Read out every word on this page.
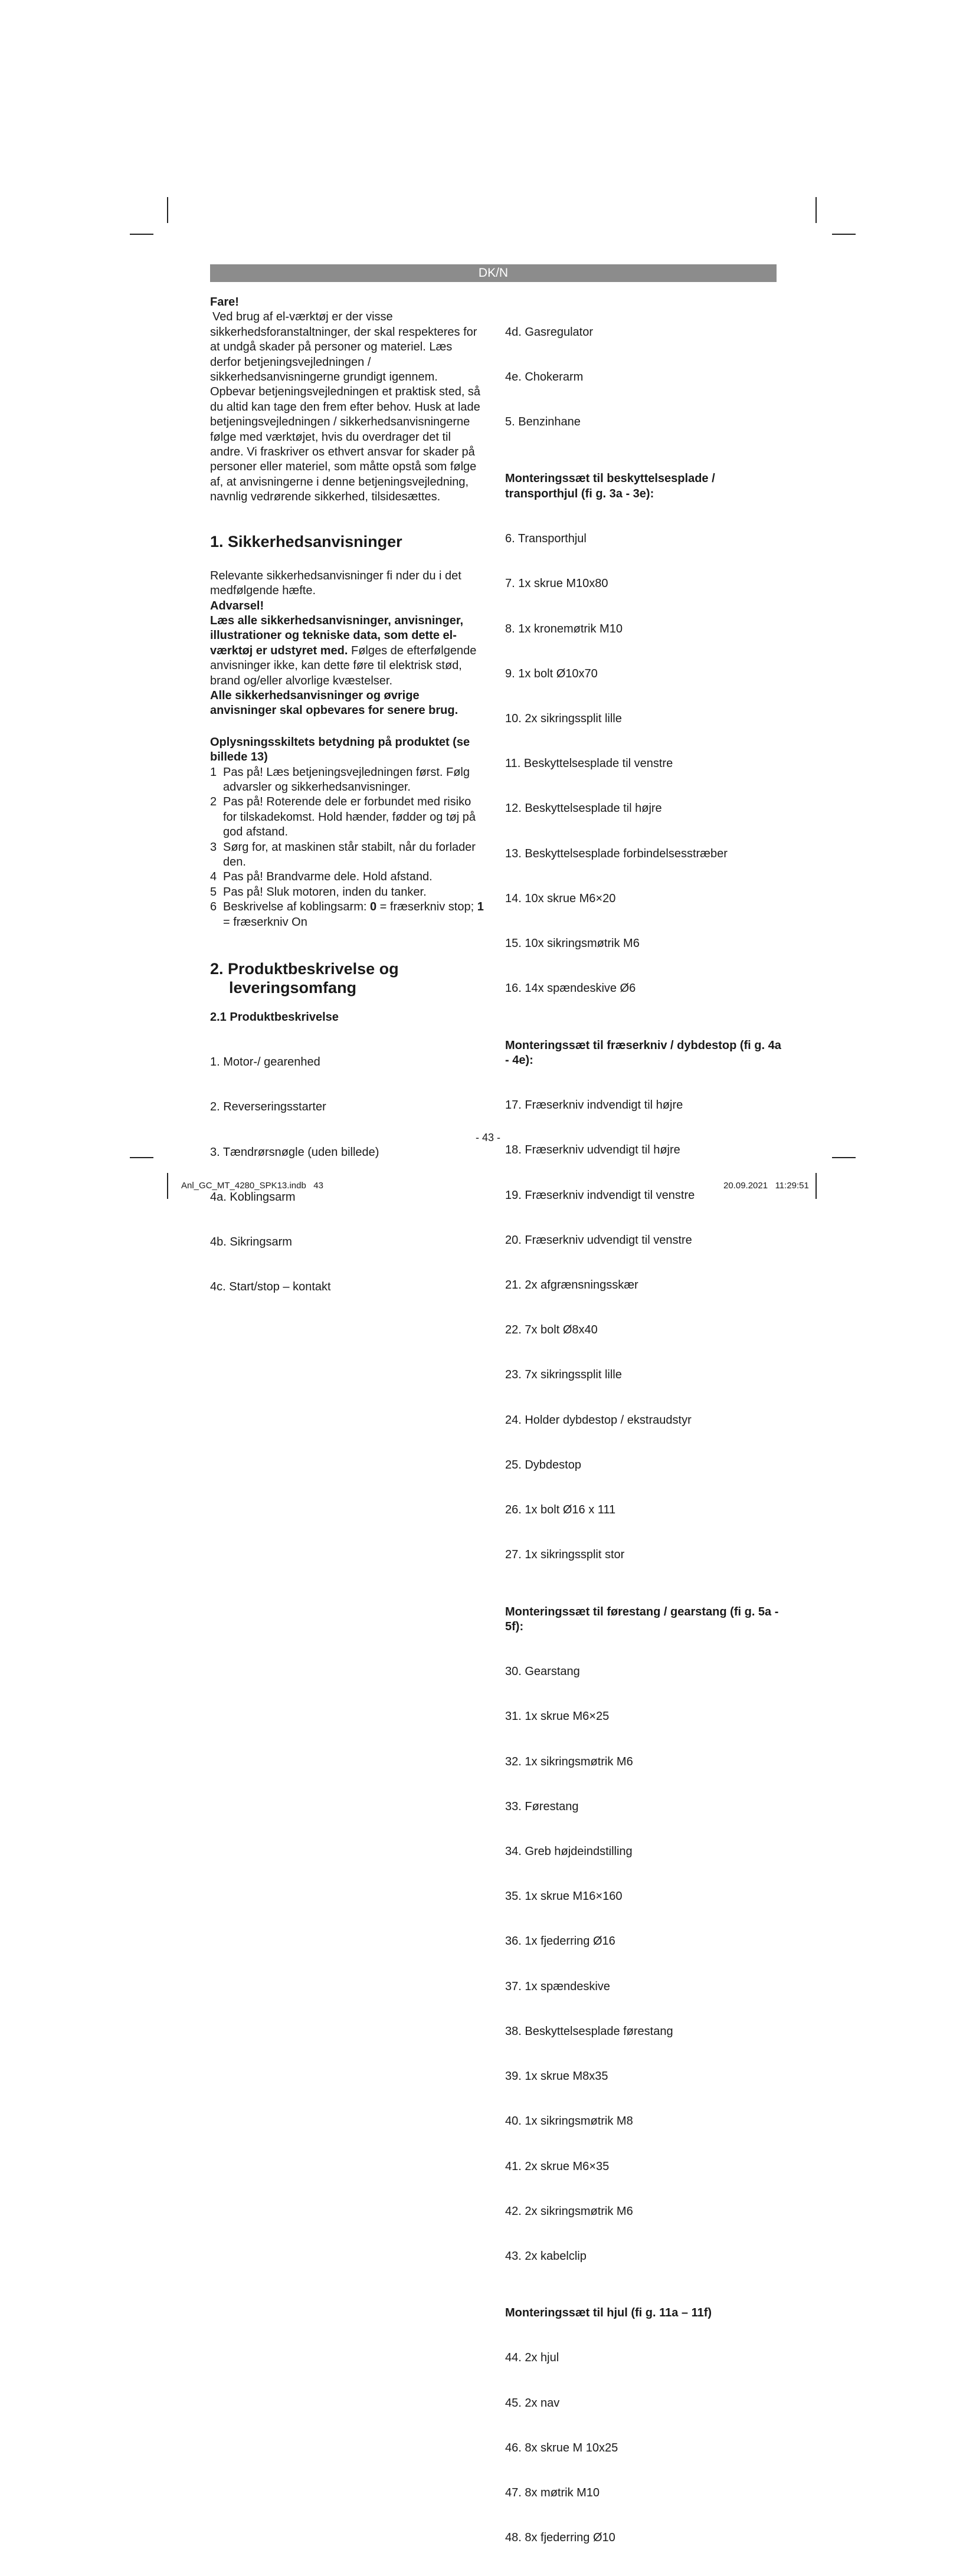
DK/N
Fare!

Ved brug af el-værktøj er der visse sikkerhedsforanstaltninger, der skal respekteres for at undgå skader på personer og materiel. Læs derfor betjeningsvejledningen / sikkerhedsanvisningerne grundigt igennem. Opbevar betjeningsvejledningen et praktisk sted, så du altid kan tage den frem efter behov. Husk at lade betjeningsvejledningen / sikkerhedsanvisningerne følge med værktøjet, hvis du overdrager det til andre. Vi fraskriver os ethvert ansvar for skader på personer eller materiel, som måtte opstå som følge af, at anvisningerne i denne betjeningsvejledning, navnlig vedrørende sikkerhed, tilsidesættes.

1. Sikkerhedsanvisninger

Relevante sikkerhedsanvisninger fi nder du i det medfølgende hæfte.

Advarsel!

Læs alle sikkerhedsanvisninger, anvisninger, illustrationer og tekniske data, som dette el-værktøj er udstyret med. Følges de efterfølgende anvisninger ikke, kan dette føre til elektrisk stød, brand og/eller alvorlige kvæstelser.

Alle sikkerhedsanvisninger og øvrige anvisninger skal opbevares for senere brug.

Oplysningsskiltets betydning på produktet (se billede 13)
1 Pas på! Læs betjeningsvejledningen først. Følg advarsler og sikkerhedsanvisninger.
2 Pas på! Roterende dele er forbundet med risiko for tilskadekomst. Hold hænder, fødder og tøj på god afstand.
3 Sørg for, at maskinen står stabilt, når du forlader den.
4 Pas på! Brandvarme dele. Hold afstand.
5 Pas på! Sluk motoren, inden du tanker.
6 Beskrivelse af koblingsarm: 0 = fræserkniv stop; 1 = fræserkniv On
2. Produktbeskrivelse og
leveringsomfang
2.1 Produktbeskrivelse

1. Motor-/ gearenhed

2. Reverseringsstarter

3. Tændrørsnøgle (uden billede)

4a. Koblingsarm

4b. Sikringsarm

4c. Start/stop – kontakt

4d. Gasregulator

4e. Chokerarm

5. Benzinhane

Monteringssæt til beskyttelsesplade / transporthjul (fi g. 3a - 3e):

6. Transporthjul

7. 1x skrue M10x80

8. 1x kronemøtrik M10

9. 1x bolt Ø10x70

10. 2x sikringssplit lille

11. Beskyttelsesplade til venstre

12. Beskyttelsesplade til højre

13. Beskyttelsesplade forbindelsesstræber

14. 10x skrue M6×20

15. 10x sikringsmøtrik M6

16. 14x spændeskive Ø6

Monteringssæt til fræserkniv / dybdestop (fi g. 4a - 4e):

17. Fræserkniv indvendigt til højre

18. Fræserkniv udvendigt til højre

19. Fræserkniv indvendigt til venstre

20. Fræserkniv udvendigt til venstre

21. 2x afgrænsningsskær

22. 7x bolt Ø8x40

23. 7x sikringssplit lille

24. Holder dybdestop / ekstraudstyr

25. Dybdestop

26. 1x bolt Ø16 x 111

27. 1x sikringssplit stor

Monteringssæt til førestang / gearstang (fi g. 5a - 5f):

30. Gearstang

31. 1x skrue M6×25

32. 1x sikringsmøtrik M6

33. Førestang

34. Greb højdeindstilling

35. 1x skrue M16×160

36. 1x fjederring Ø16

37. 1x spændeskive

38. Beskyttelsesplade førestang

39. 1x skrue M8x35

40. 1x sikringsmøtrik M8

41. 2x skrue M6×35

42. 2x sikringsmøtrik M6

43. 2x kabelclip

Monteringssæt til hjul (fi g. 11a – 11f)

44. 2x hjul

45. 2x nav

46. 8x skrue M 10x25

47. 8x møtrik M10

48. 8x fjederring Ø10

- 43 -
Anl_GC_MT_4280_SPK13.indb   43	20.09.2021   11:29:51
